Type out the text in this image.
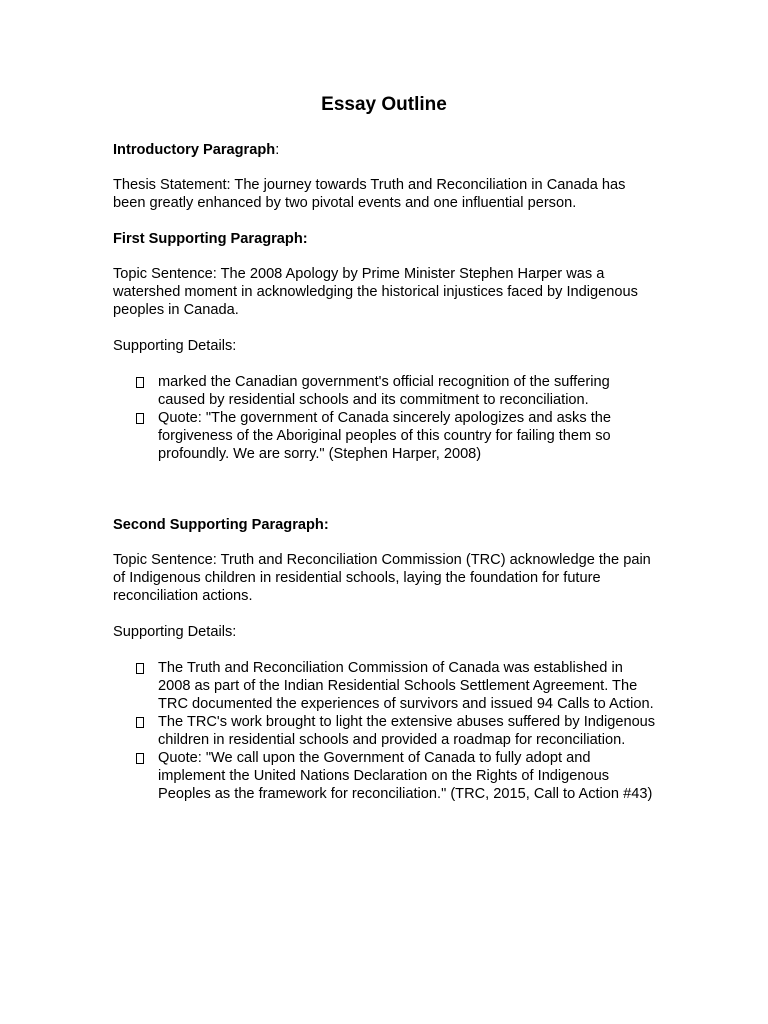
Essay Outline

Introductory Paragraph:

Thesis Statement: The journey towards Truth and Reconciliation in Canada has been greatly enhanced by two pivotal events and one influential person.

First Supporting Paragraph:

Topic Sentence: The 2008 Apology by Prime Minister Stephen Harper was a watershed moment in acknowledging the historical injustices faced by Indigenous peoples in Canada.

Supporting Details:

marked the Canadian government's official recognition of the suffering caused by residential schools and its commitment to reconciliation.
Quote: "The government of Canada sincerely apologizes and asks the forgiveness of the Aboriginal peoples of this country for failing them so profoundly. We are sorry." (Stephen Harper, 2008)

Second Supporting Paragraph:

Topic Sentence: Truth and Reconciliation Commission (TRC) acknowledge the pain of Indigenous children in residential schools, laying the foundation for future reconciliation actions.

Supporting Details:

The Truth and Reconciliation Commission of Canada was established in 2008 as part of the Indian Residential Schools Settlement Agreement. The TRC documented the experiences of survivors and issued 94 Calls to Action.
The TRC's work brought to light the extensive abuses suffered by Indigenous children in residential schools and provided a roadmap for reconciliation.
Quote: "We call upon the Government of Canada to fully adopt and implement the United Nations Declaration on the Rights of Indigenous Peoples as the framework for reconciliation." (TRC, 2015, Call to Action #43)
